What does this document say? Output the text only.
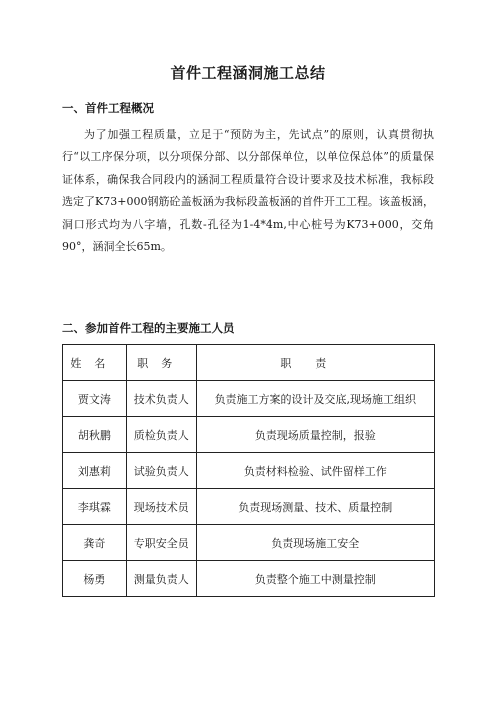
首件工程涵洞施工总结
一、首件工程概况

为了加强工程质量，立足于“预防为主，先试点”的原则，认真贯彻执行“以工序保分项，以分项保分部、以分部保单位，以单位保总体”的质量保证体系，确保我合同段内的涵洞工程质量符合设计要求及技术标准，我标段选定了K73+000钢筋砼盖板涵为我标段盖板涵的首件开工工程。该盖板涵，洞口形式均为八字墙，孔数-孔径为1-4*4m,中心桩号为K73+000，交角90°，涵洞全长65m。

二、参加首件工程的主要施工人员
姓名	职务	职责
贾文涛	技术负责人	负责施工方案的设计及交底,现场施工组织
胡秋鹏	质检负责人	负责现场质量控制，报验
刘惠莉	试验负责人	负责材料检验、试件留样工作
李琪霖	现场技术员	负责现场测量、技术、质量控制
龚奇	专职安全员	负责现场施工安全
杨勇	测量负责人	负责整个施工中测量控制
